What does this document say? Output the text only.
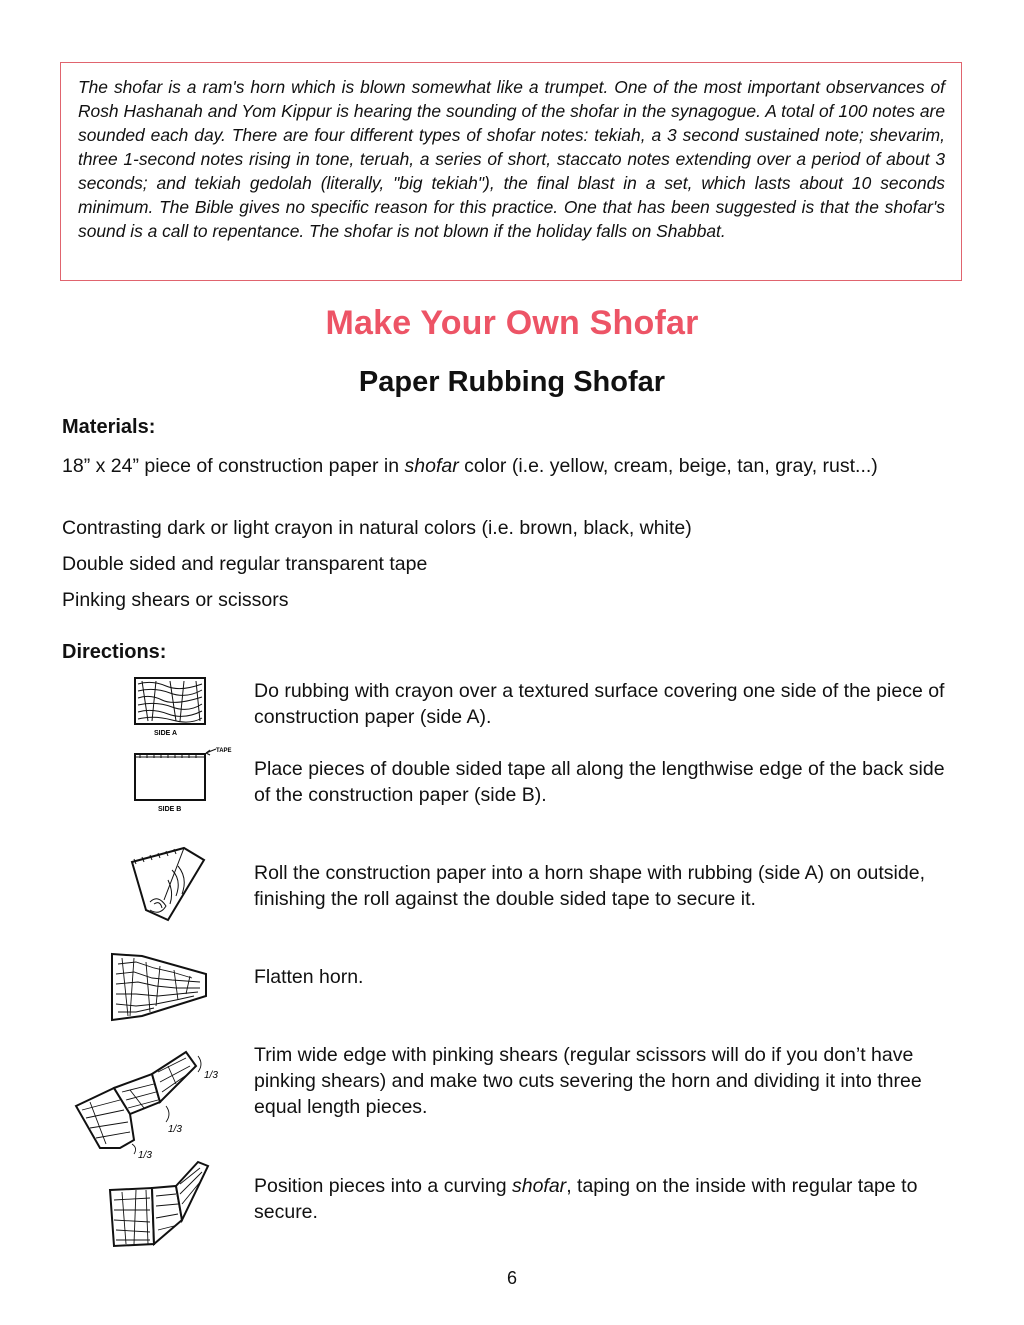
The shofar is a ram's horn which is blown somewhat like a trumpet. One of the most important observances of Rosh Hashanah and Yom Kippur is hearing the sounding of the shofar in the synagogue. A total of 100 notes are sounded each day. There are four different types of shofar notes: tekiah, a 3 second sustained note; shevarim, three 1-second notes rising in tone, teruah, a series of short, staccato notes extending over a period of about 3 seconds; and tekiah gedolah (literally, "big tekiah"), the final blast in a set, which lasts about 10 seconds minimum. The Bible gives no specific reason for this practice. One that has been suggested is that the shofar's sound is a call to repentance. The shofar is not blown if the holiday falls on Shabbat.

Make Your Own Shofar
Paper Rubbing Shofar
Materials:
18” x 24” piece of construction paper in shofar color (i.e. yellow, cream, beige, tan, gray, rust...)
Contrasting dark or light crayon in natural colors (i.e. brown, black, white)
Double sided and regular transparent tape
Pinking shears or scissors
Directions:
Do rubbing with crayon over a textured surface covering one side of the piece of construction paper (side A).
Place pieces of double sided tape all along the lengthwise edge of the back side of the construction paper (side B).
Roll the construction paper into a horn shape with rubbing (side A) on outside, finishing the roll against the double sided tape to secure it.
Flatten horn.
Trim wide edge with pinking shears (regular scissors will do if you don’t have pinking shears) and make two cuts severing the horn and dividing it into three equal length pieces.
Position pieces into a curving shofar, taping on the inside with regular tape to secure.
SIDE A
TAPE
SIDE B
1/3
1/3
1/3
6
